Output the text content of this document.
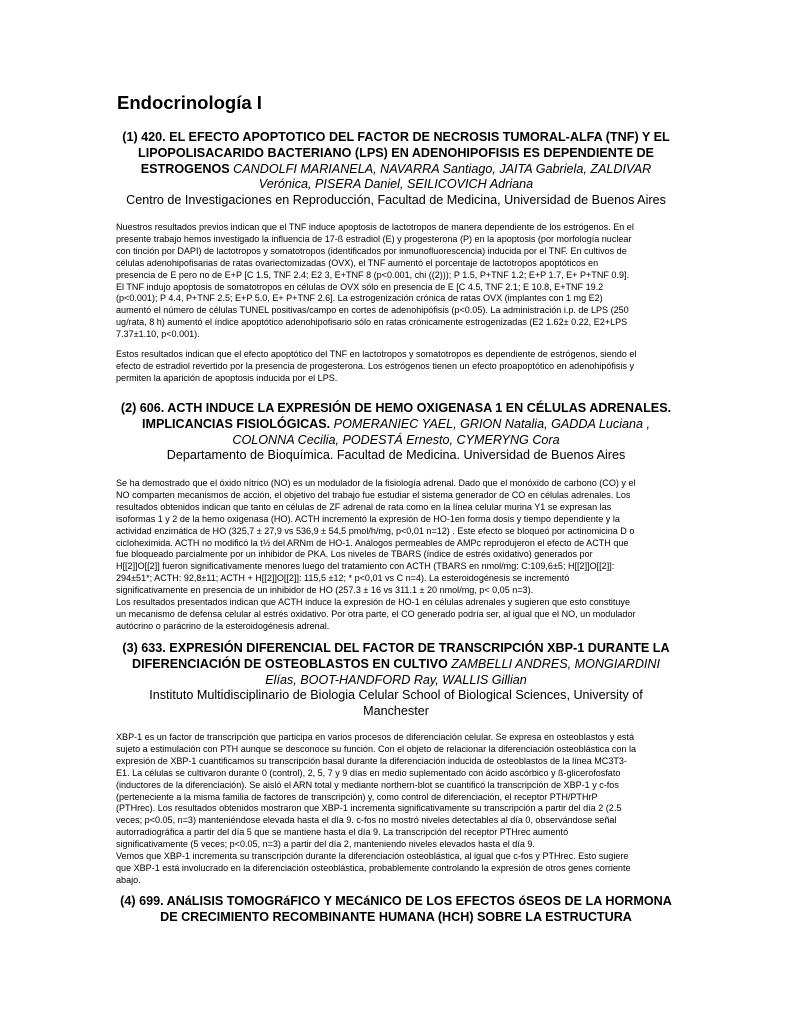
Endocrinología I

(1) 420. EL EFECTO APOPTOTICO DEL FACTOR DE NECROSIS TUMORAL-ALFA (TNF) Y EL LIPOPOLISACARIDO BACTERIANO (LPS) EN ADENOHIPOFISIS ES DEPENDIENTE DE ESTROGENOS CANDOLFI MARIANELA, NAVARRA Santiago, JAITA Gabriela, ZALDIVAR Verónica, PISERA Daniel, SEILICOVICH Adriana

Centro de Investigaciones en Reproducción, Facultad de Medicina, Universidad de Buenos Aires

Nuestros resultados previos indican que el TNF induce apoptosis de lactotropos de manera dependiente de los estrógenos. En el
presente trabajo hemos investigado la influencia de 17-ß estradiol (E) y progesterona (P) en la apoptosis (por morfología nuclear
con tinción por DAPI) de lactotropos y somatotropos (identificados por inmunofluorescencia) inducida por el TNF. En cultivos de
células adenohipofisarias de ratas ovariectomizadas (OVX), el TNF aumentó el porcentaje de lactotropos apoptóticos en
presencia de E pero no de E+P [C 1.5, TNF 2.4; E2 3, E+TNF 8 (p<0.001, chi ((2))); P 1.5, P+TNF 1.2; E+P 1.7, E+ P+TNF 0.9].
El TNF indujo apoptosis de somatotropos en células de OVX sólo en presencia de E [C 4.5, TNF 2.1; E 10.8, E+TNF 19.2
(p<0.001); P 4.4, P+TNF 2.5; E+P 5.0, E+ P+TNF 2.6]. La estrogenización crónica de ratas OVX (implantes con 1 mg E2)
aumentó el número de células TUNEL positivas/campo en cortes de adenohipófisis (p<0.05). La administración i.p. de LPS (250
ug/rata, 8 h) aumentó el índice apoptótico adenohipofisario sólo en ratas crónicamente estrogenizadas (E2 1.62± 0.22, E2+LPS
7.37±1.10, p<0.001).

Estos resultados indican que el efecto apoptótico del TNF en lactotropos y somatotropos es dependiente de estrógenos, siendo el
efecto de estradiol revertido por la presencia de progesterona. Los estrógenos tienen un efecto proapoptótico en adenohipófisis y
permiten la aparición de apoptosis inducida por el LPS.

(2) 606. ACTH INDUCE LA EXPRESIÓN DE HEMO OXIGENASA 1 EN CÉLULAS ADRENALES. IMPLICANCIAS FISIOLÓGICAS. POMERANIEC YAEL, GRION Natalia, GADDA Luciana , COLONNA Cecilia, PODESTÁ Ernesto, CYMERYNG Cora

Departamento de Bioquímica. Facultad de Medicina. Universidad de Buenos Aires

Se ha demostrado que el óxido nítrico (NO) es un modulador de la fisiología adrenal. Dado que el monóxido de carbono (CO) y el
NO comparten mecanismos de acción, el objetivo del trabajo fue estudiar el sistema generador de CO en células adrenales. Los
resultados obtenidos indican que tanto en células de ZF adrenal de rata como en la línea celular murina Y1 se expresan las
isoformas 1 y 2 de la hemo oxigenasa (HO). ACTH incrementó la expresión de HO-1en forma dosis y tiempo dependiente y la
actividad enzimática de HO (325,7 ± 27,9 vs 536,9 ± 54,5 pmol/h/mg, p<0,01 n=12) . Este efecto se bloqueó por actinomicina D o
cicloheximida. ACTH no modificó la t½ del ARNm de HO-1. Análogos permeables de AMPc reprodujeron el efecto de ACTH que
fue bloqueado parcialmente por un inhibidor de PKA. Los niveles de TBARS (índice de estrés oxidativo) generados por
H[[2]]O[[2]] fueron significativamente menores luego del tratamiento con ACTH (TBARS en nmol/mg: C:109,6±5; H[[2]]O[[2]]:
294±51*; ACTH: 92,8±11; ACTH + H[[2]]O[[2]]: 115,5 ±12; * p<0,01 vs C n=4). La esteroidogénesis se incrementó
significativamente en presencia de un inhibidor de HO (257.3 ± 16 vs 311.1 ± 20 nmol/mg, p< 0,05 n=3).
Los resultados presentados indican que ACTH induce la expresión de HO-1 en células adrenales y sugieren que esto constituye
un mecanismo de defensa celular al estrés oxidativo. Por otra parte, el CO generado podría ser, al igual que el NO, un modulador
autócrino o parácrino de la esteroidogénesis adrenal.

(3) 633. EXPRESIÓN DIFERENCIAL DEL FACTOR DE TRANSCRIPCIÓN XBP-1 DURANTE LA DIFERENCIACIÓN DE OSTEOBLASTOS EN CULTIVO ZAMBELLI ANDRES, MONGIARDINI Elías, BOOT-HANDFORD Ray, WALLIS Gillian

Instituto Multidisciplinario de Biologia Celular School of Biological Sciences, University of Manchester

XBP-1 es un factor de transcripción que participa en varios procesos de diferenciación celular. Se expresa en osteoblastos y está
sujeto a estimulación con PTH aunque se desconoce su función. Con el objeto de relacionar la diferenciación osteoblástica con la
expresión de XBP-1 cuantificamos su transcripción basal durante la diferenciación inducida de osteoblastos de la línea MC3T3-
E1. La células se cultivaron durante 0 (control), 2, 5, 7 y 9 días en medio suplementado con ácido ascórbico y ß-glicerofosfato
(inductores de la diferenciación). Se aisló el ARN total y mediante northern-blot se cuantificó la transcripción de XBP-1 y c-fos
(perteneciente a la misma familia de factores de transcripción) y, como control de diferenciación, el receptor PTH/PTHrP
(PTHrec). Los resultados obtenidos mostraron que XBP-1 incrementa significativamente su transcripción a partir del día 2 (2.5
veces; p<0.05, n=3) manteniéndose elevada hasta el día 9. c-fos no mostró niveles detectables al día 0, observándose señal
autorradiográfica a partir del día 5 que se mantiene hasta el día 9. La transcripción del receptor PTHrec aumentó
significativamente (5 veces; p<0.05, n=3) a partir del día 2, manteniendo niveles elevados hasta el día 9.
Vemos que XBP-1 incrementa su transcripción durante la diferenciación osteoblástica, al igual que c-fos y PTHrec. Esto sugiere
que XBP-1 está involucrado en la diferenciación osteoblástica, probablemente controlando la expresión de otros genes corriente
abajo.

(4) 699. ANáLISIS TOMOGRáFICO Y MECáNICO DE LOS EFECTOS óSEOS DE LA HORMONA DE CRECIMIENTO RECOMBINANTE HUMANA (HCH) SOBRE LA ESTRUCTURA
